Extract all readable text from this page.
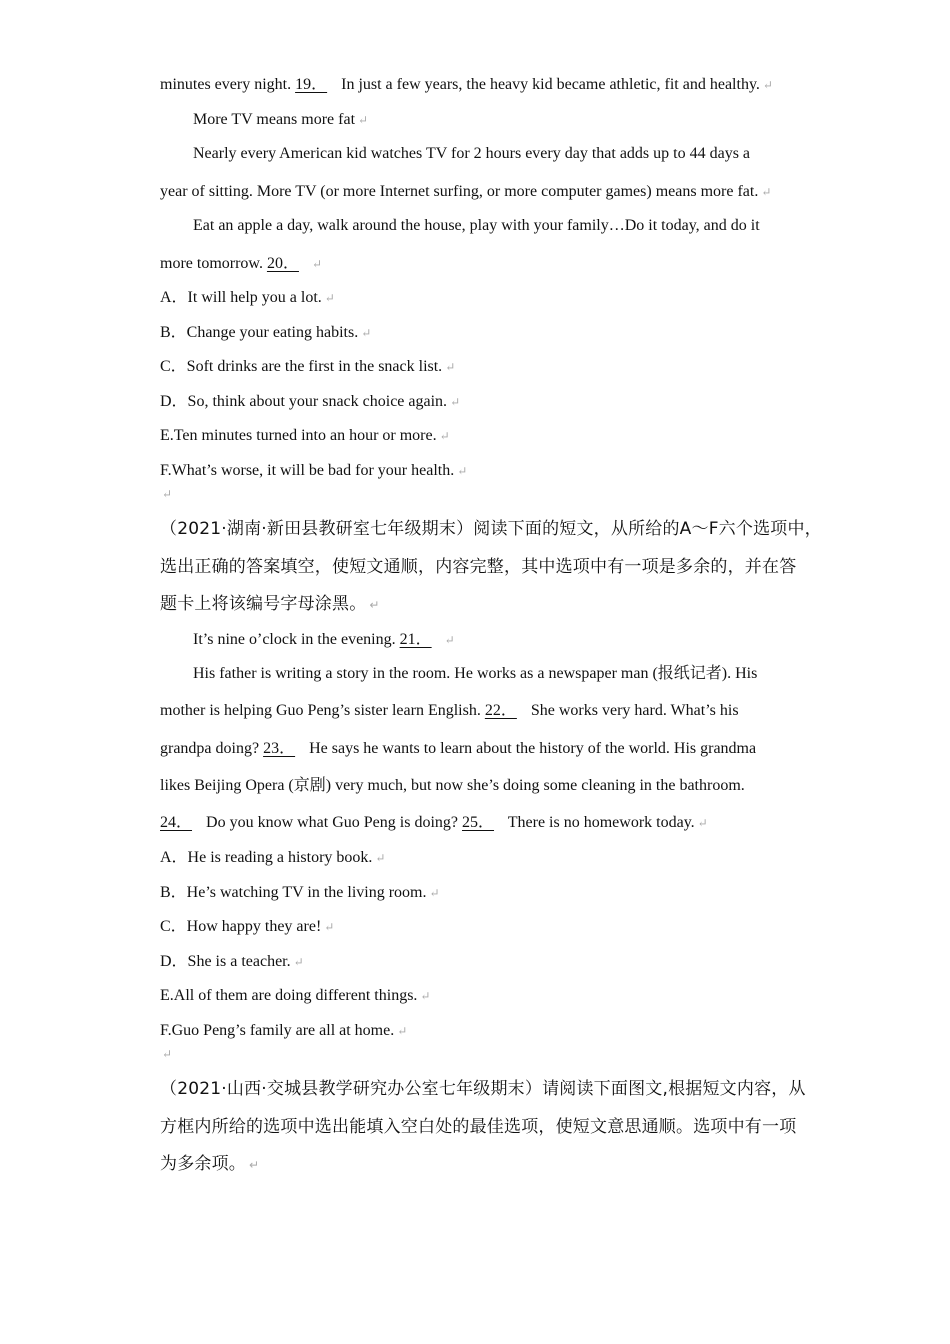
minutes every night. 19． In just a few years, the heavy kid became athletic, fit and healthy. ↵
More TV means more fat ↵
Nearly every American kid watches TV for 2 hours every day that adds up to 44 days a
year of sitting. More TV (or more Internet surfing, or more computer games) means more fat. ↵
Eat an apple a day, walk around the house, play with your family…Do it today, and do it
more tomorrow. 20． ↵
A．It will help you a lot. ↵
B．Change your eating habits. ↵
C．Soft drinks are the first in the snack list. ↵
D．So, think about your snack choice again. ↵
E.Ten minutes turned into an hour or more. ↵
F.What’s worse, it will be bad for your health. ↵
↵
（2021·湖南·新田县教研室七年级期末）阅读下面的短文，从所给的A～F六个选项中，
选出正确的答案填空，使短文通顺，内容完整，其中选项中有一项是多余的，并在答
题卡上将该编号字母涂黑。 ↵
It’s nine o’clock in the evening. 21． ↵
His father is writing a story in the room. He works as a newspaper man (报纸记者). His
mother is helping Guo Peng’s sister learn English. 22． She works very hard. What’s his
grandpa doing? 23． He says he wants to learn about the history of the world. His grandma
likes Beijing Opera (京剧) very much, but now she’s doing some cleaning in the bathroom.
24． Do you know what Guo Peng is doing? 25． There is no homework today. ↵
A．He is reading a history book. ↵
B．He’s watching TV in the living room. ↵
C．How happy they are! ↵
D．She is a teacher. ↵
E.All of them are doing different things. ↵
F.Guo Peng’s family are all at home. ↵
↵
（2021·山西·交城县教学研究办公室七年级期末）请阅读下面图文,根据短文内容，从
方框内所给的选项中选出能填入空白处的最佳选项，使短文意思通顺。选项中有一项
为多余项。 ↵
